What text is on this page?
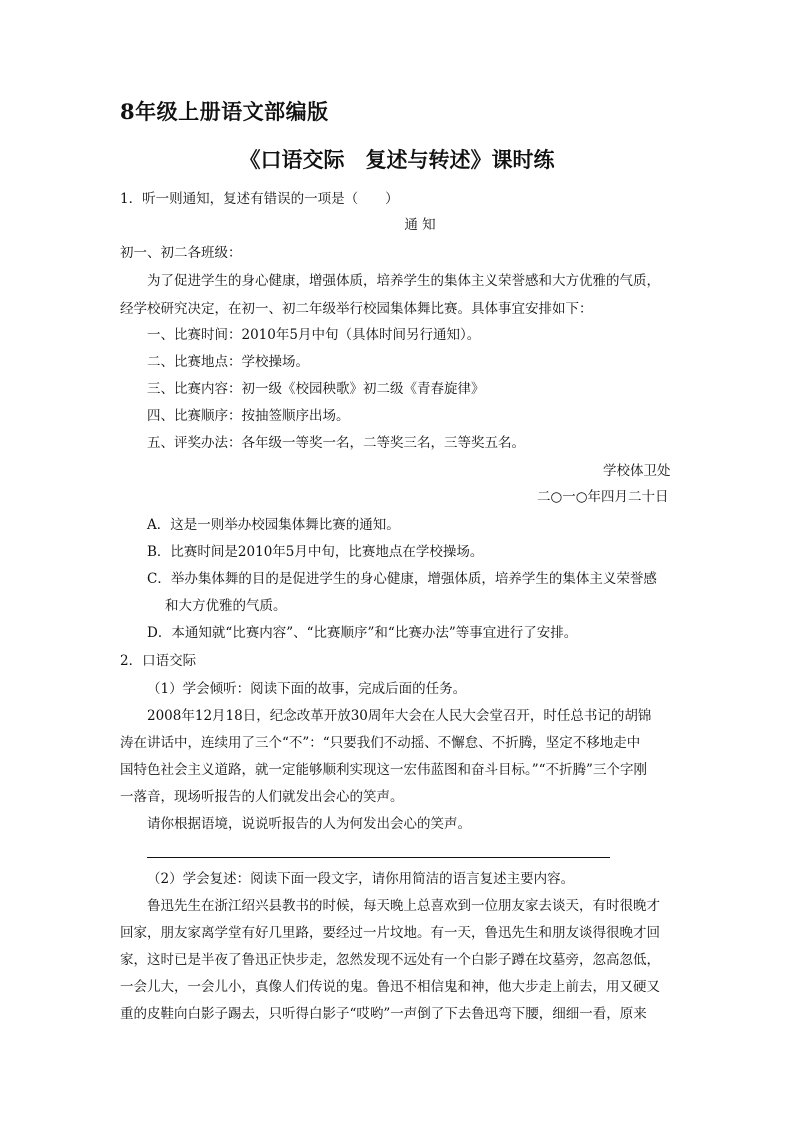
8年级上册语文部编版
《口语交际　复述与转述》课时练
1．听一则通知，复述有错误的一项是（　　）
通 知
初一、初二各班级：
为了促进学生的身心健康，增强体质，培养学生的集体主义荣誉感和大方优雅的气质，
经学校研究决定，在初一、初二年级举行校园集体舞比赛。具体事宜安排如下：
一、比赛时间：2010年5月中旬（具体时间另行通知）。
二、比赛地点：学校操场。
三、比赛内容：初一级《校园秧歌》初二级《青春旋律》
四、比赛顺序：按抽签顺序出场。
五、评奖办法：各年级一等奖一名，二等奖三名，三等奖五名。
学校体卫处
二○一○年四月二十日
A．这是一则举办校园集体舞比赛的通知。
B．比赛时间是2010年5月中旬，比赛地点在学校操场。
C．举办集体舞的目的是促进学生的身心健康，增强体质，培养学生的集体主义荣誉感
和大方优雅的气质。
D．本通知就“比赛内容”、“比赛顺序”和“比赛办法”等事宜进行了安排。
2．口语交际
（1）学会倾听：阅读下面的故事，完成后面的任务。
2008年12月18日，纪念改革开放30周年大会在人民大会堂召开，时任总书记的胡锦
涛在讲话中，连续用了三个“不”：“只要我们不动摇、不懈怠、不折腾，坚定不移地走中
国特色社会主义道路，就一定能够顺利实现这一宏伟蓝图和奋斗目标。”“不折腾”三个字刚
一落音，现场听报告的人们就发出会心的笑声。
请你根据语境，说说听报告的人为何发出会心的笑声。
（2）学会复述：阅读下面一段文字，请你用简洁的语言复述主要内容。
鲁迅先生在浙江绍兴县教书的时候，每天晚上总喜欢到一位朋友家去谈天，有时很晚才
回家，朋友家离学堂有好几里路，要经过一片坟地。有一天，鲁迅先生和朋友谈得很晚才回
家，这时已是半夜了鲁迅正快步走，忽然发现不远处有一个白影子蹲在坟墓旁，忽高忽低，
一会儿大，一会儿小，真像人们传说的鬼。鲁迅不相信鬼和神，他大步走上前去，用又硬又
重的皮鞋向白影子踢去，只听得白影子“哎哟”一声倒了下去鲁迅弯下腰，细细一看，原来
